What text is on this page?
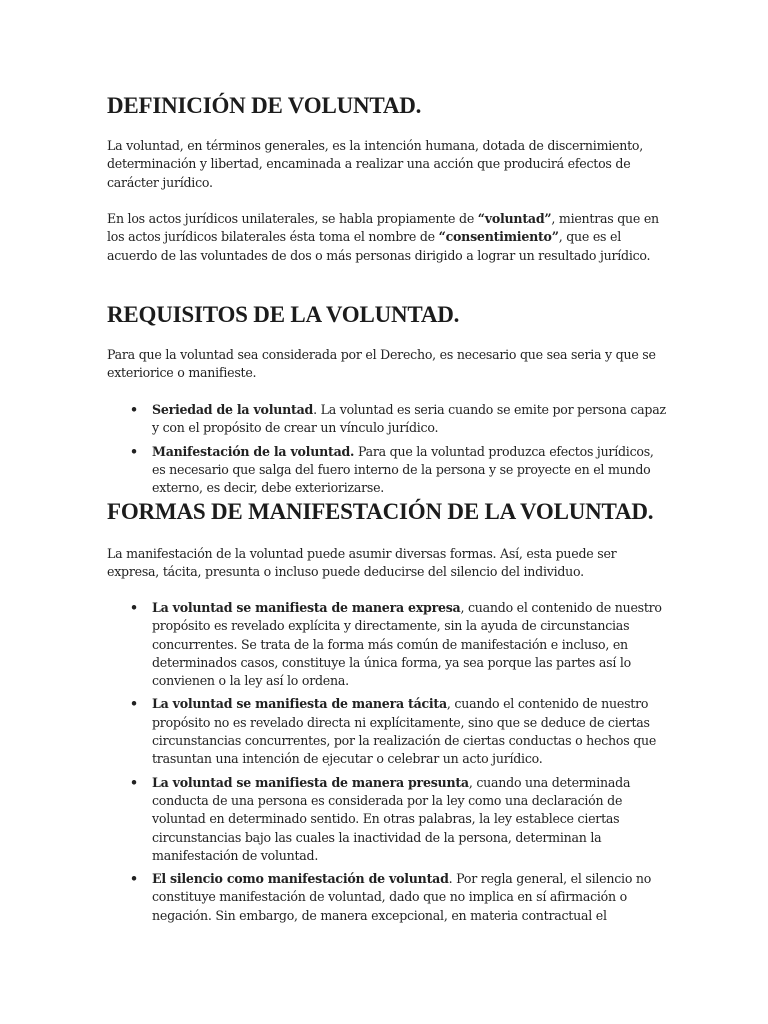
DEFINICIÓN DE VOLUNTAD.

La voluntad, en términos generales, es la intención humana, dotada de discernimiento, determinación y libertad, encaminada a realizar una acción que producirá efectos de carácter jurídico.

En los actos jurídicos unilaterales, se habla propiamente de “voluntad”, mientras que en los actos jurídicos bilaterales ésta toma el nombre de “consentimiento”, que es el acuerdo de las voluntades de dos o más personas dirigido a lograr un resultado jurídico.

REQUISITOS DE LA VOLUNTAD.

Para que la voluntad sea considerada por el Derecho, es necesario que sea seria y que se exteriorice o manifieste.

• Seriedad de la voluntad. La voluntad es seria cuando se emite por persona capaz y con el propósito de crear un vínculo jurídico.
• Manifestación de la voluntad. Para que la voluntad produzca efectos jurídicos, es necesario que salga del fuero interno de la persona y se proyecte en el mundo externo, es decir, debe exteriorizarse.
FORMAS DE MANIFESTACIÓN DE LA VOLUNTAD.

La manifestación de la voluntad puede asumir diversas formas. Así, esta puede ser expresa, tácita, presunta o incluso puede deducirse del silencio del individuo.

• La voluntad se manifiesta de manera expresa, cuando el contenido de nuestro propósito es revelado explícita y directamente, sin la ayuda de circunstancias concurrentes. Se trata de la forma más común de manifestación e incluso, en determinados casos, constituye la única forma, ya sea porque las partes así lo convienen o la ley así lo ordena.
• La voluntad se manifiesta de manera tácita, cuando el contenido de nuestro propósito no es revelado directa ni explícitamente, sino que se deduce de ciertas circunstancias concurrentes, por la realización de ciertas conductas o hechos que trasuntan una intención de ejecutar o celebrar un acto jurídico.
• La voluntad se manifiesta de manera presunta, cuando una determinada conducta de una persona es considerada por la ley como una declaración de voluntad en determinado sentido. En otras palabras, la ley establece ciertas circunstancias bajo las cuales la inactividad de la persona, determinan la manifestación de voluntad.
• El silencio como manifestación de voluntad. Por regla general, el silencio no constituye manifestación de voluntad, dado que no implica en sí afirmación o negación. Sin embargo, de manera excepcional, en materia contractual el
